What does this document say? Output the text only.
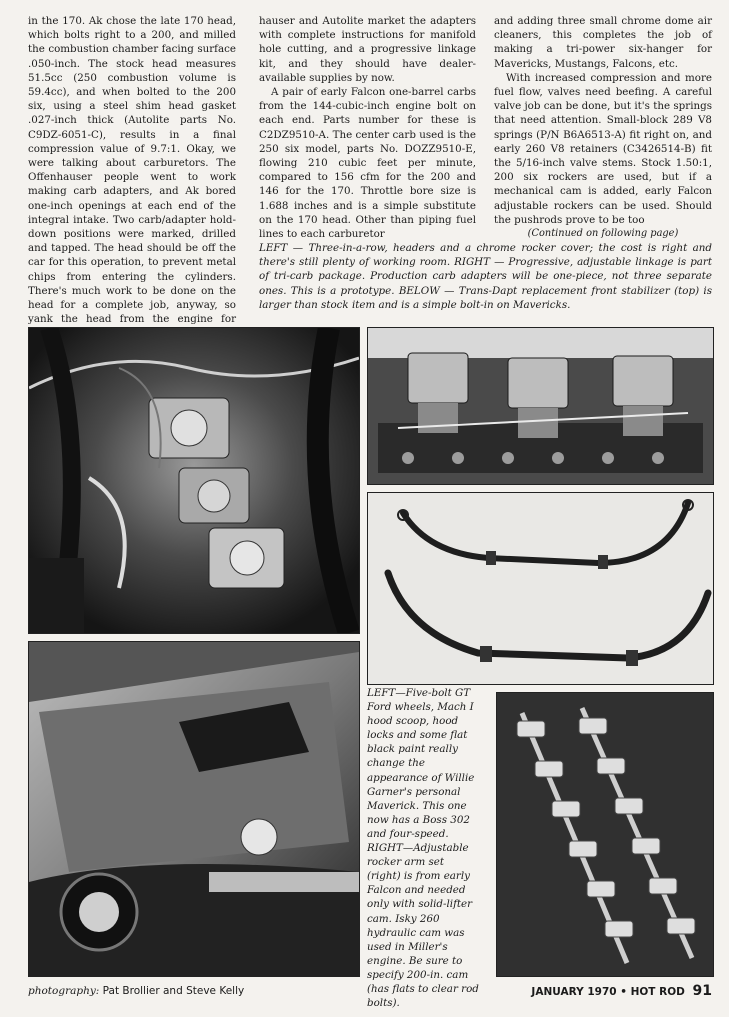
in the 170. Ak chose the late 170 head, which bolts right to a 200, and milled the combustion chamber facing surface .050-inch. The stock head measures 51.5cc (250 combustion volume is 59.4cc), and when bolted to the 200 six, using a steel shim head gasket .027-inch thick (Autolite parts No. C9DZ-6051-C), results in a final compression value of 9.7:1. Okay, we were talking about carburetors. The Offenhauser people went to work making carb adapters, and Ak bored one-inch openings at each end of the integral intake. Two carb/adapter hold-down positions were marked, drilled and tapped. The head should be off the car for this operation, to prevent metal chips from entering the cylinders. There's much work to be done on the head for a complete job, anyway, so yank the head from the engine for

hauser and Autolite market the adapters with complete instructions for manifold hole cutting, and a progressive linkage kit, and they should have dealer-available supplies by now.

A pair of early Falcon one-barrel carbs from the 144-cubic-inch engine bolt on each end. Parts number for these is C2DZ9510-A. The center carb used is the 250 six model, parts No. DOZZ9510-E, flowing 210 cubic feet per minute, compared to 156 cfm for the 200 and 146 for the 170. Throttle bore size is 1.688 inches and is a simple substitute on the 170 head. Other than piping fuel lines to each carburetor

and adding three small chrome dome air cleaners, this completes the job of making a tri-power six-hanger for Mavericks, Mustangs, Falcons, etc.

With increased compression and more fuel flow, valves need beefing. A careful valve job can be done, but it's the springs that need attention. Small-block 289 V8 springs (P/N B6A6513-A) fit right on, and early 260 V8 retainers (C3426514-B) fit the 5/16-inch valve stems. Stock 1.50:1, 200 six rockers are used, but if a mechanical cam is added, early Falcon adjustable rockers can be used. Should the pushrods prove to be too

(Continued on following page)
LEFT — Three-in-a-row, headers and a chrome rocker cover; the cost is right and there's still plenty of working room. RIGHT — Progressive, adjustable linkage is part of tri-carb package. Production carb adapters will be one-piece, not three separate ones. This is a prototype. BELOW — Trans-Dapt replacement front stabilizer (top) is larger than stock item and is a simple bolt-in on Mavericks.
LEFT—Five-bolt GT Ford wheels, Mach I hood scoop, hood locks and some flat black paint really change the appearance of Willie Garner's personal Maverick. This one now has a Boss 302 and four-speed. RIGHT—Adjustable rocker arm set (right) is from early Falcon and needed only with solid-lifter cam. Isky 260 hydraulic cam was used in Miller's engine. Be sure to specify 200-in. cam (has flats to clear rod bolts).
photography: Pat Brollier and Steve Kelly	JANUARY 1970 • HOT ROD 91
